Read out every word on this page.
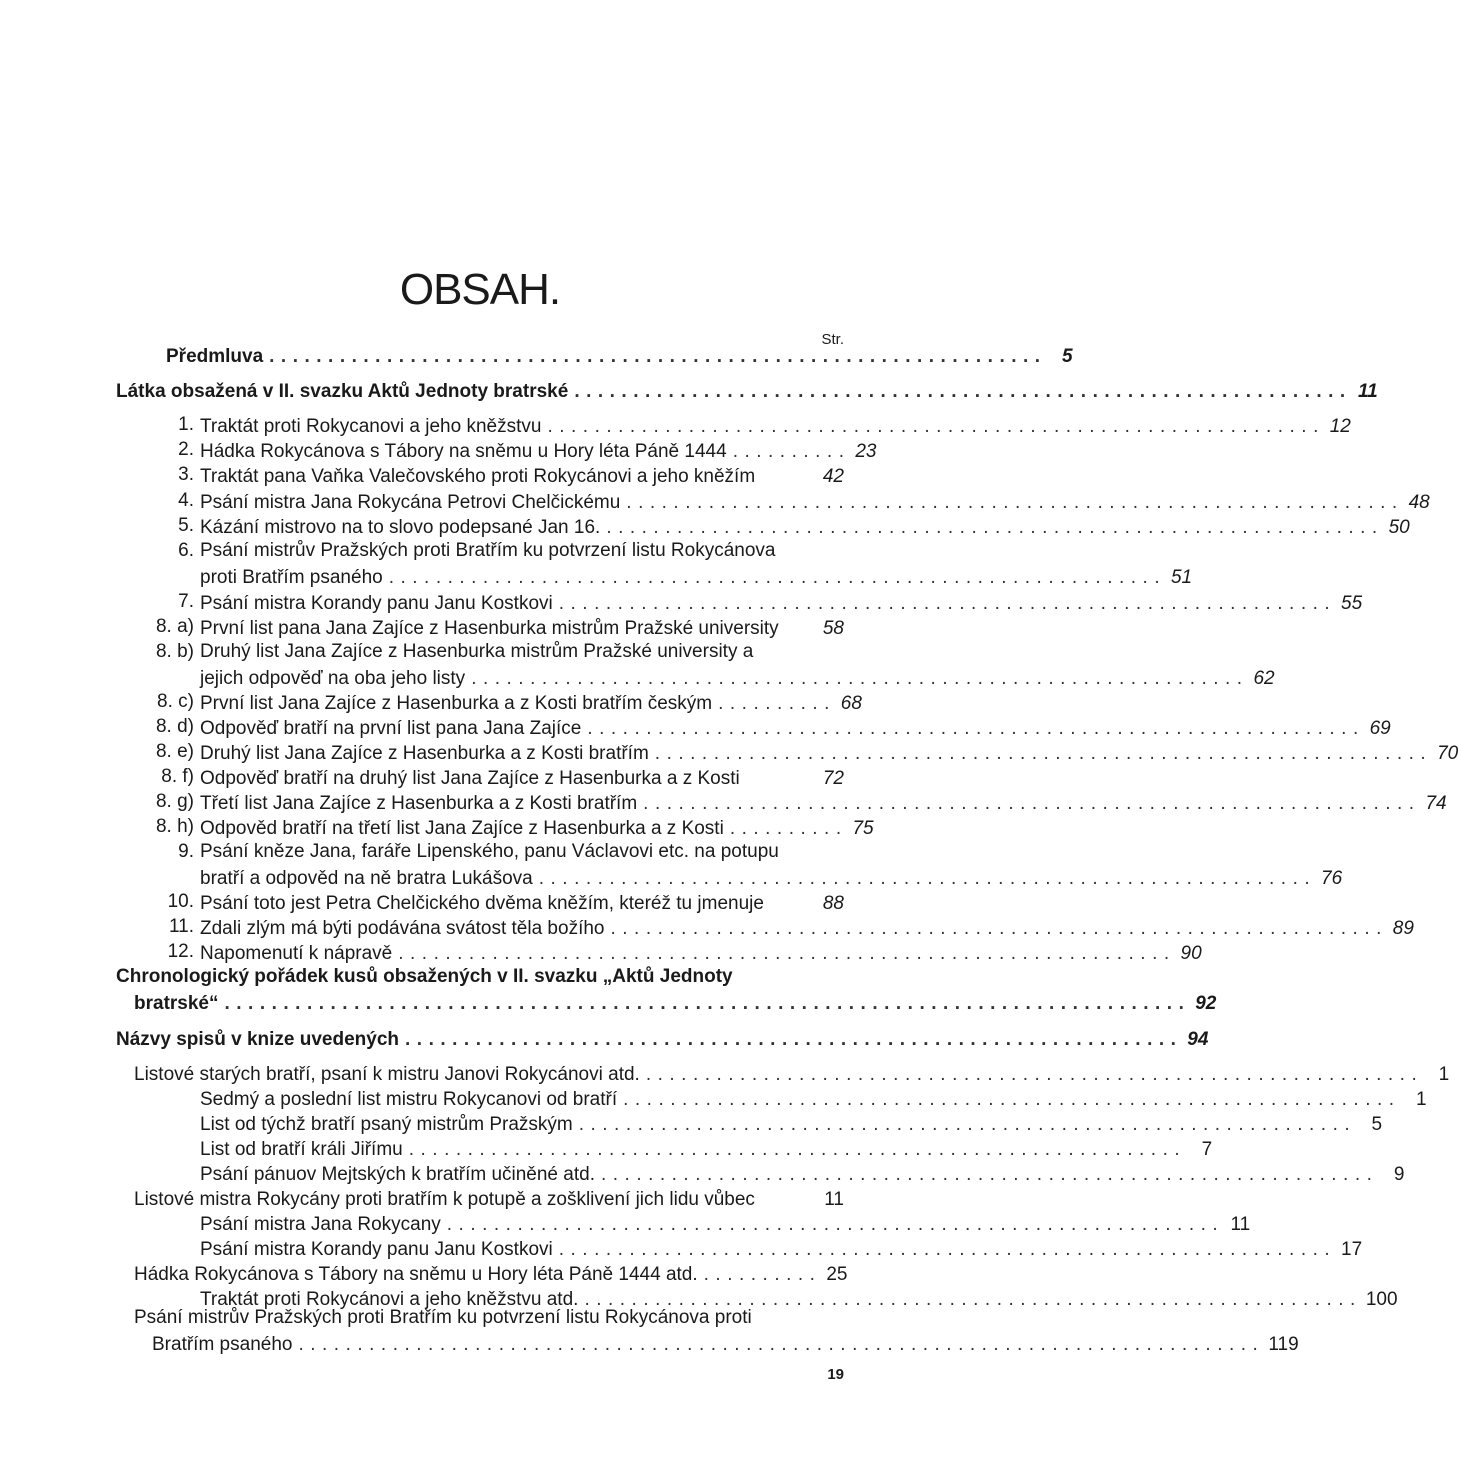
OBSAH.
Str.
Předmluva .................................................................. 5
Látka obsažená v II. svazku Aktů Jednoty bratrské .................................................................. 11
1. Traktát proti Rokycanovi a jeho kněžstvu .................................................................. 12
2. Hádka Rokycánova s Tábory na sněmu u Hory léta Páně 1444 .......... 23
3. Traktát pana Vaňka Valečovského proti Rokycánovi a jeho kněžím	42
4. Psání mistra Jana Rokycána Petrovi Chelčickému .................................................................. 48
5. Kázání mistrovo na to slovo podepsané Jan 16. .................................................................. 50
6. Psání mistrův Pražských proti Bratřím ku potvrzení listu Rokycánova
proti Bratřím psaného .................................................................. 51
7. Psání mistra Korandy panu Janu Kostkovi .................................................................. 55
8. a) První list pana Jana Zajíce z Hasenburka mistrům Pražské university 58
8. b) Druhý list Jana Zajíce z Hasenburka mistrům Pražské university a
jejich odpověď na oba jeho listy .................................................................. 62
8. c) První list Jana Zajíce z Hasenburka a z Kosti bratřím českým .......... 68
8. d) Odpověď bratří na první list pana Jana Zajíce .................................................................. 69
8. e) Druhý list Jana Zajíce z Hasenburka a z Kosti bratřím .................................................................. 70
8. f) Odpověď bratří na druhý list Jana Zajíce z Hasenburka a z Kosti	72
8. g) Třetí list Jana Zajíce z Hasenburka a z Kosti bratřím .................................................................. 74
8. h) Odpověd bratří na třetí list Jana Zajíce z Hasenburka a z Kosti .......... 75
9. Psání kněze Jana, faráře Lipenského, panu Václavovi etc. na potupu
bratří a odpověd na ně bratra Lukášova .................................................................. 76
10. Psání toto jest Petra Chelčického dvěma kněžím, kteréž tu jmenuje	88
11. Zdali zlým má býti podávána svátost těla božího .................................................................. 89
12. Napomenutí k nápravě .................................................................. 90
Chronologický pořádek kusů obsažených v II. svazku „Aktů Jednoty
bratrské“ .................................................................................. 92
Názvy spisů v knize uvedených .................................................................. 94
Listové starých bratří, psaní k mistru Janovi Rokycánovi atd. .................................................................. 1
Sedmý a poslední list mistru Rokycanovi od bratří .................................................................. 1
List od týchž bratří psaný mistrům Pražským .................................................................. 5
List od bratří králi Jiřímu .................................................................. 7
Psání pánuov Mejtských k bratřím učiněné atd. .................................................................. 9
Listové mistra Rokycány proti bratřím k potupě a zošklivení jich lidu vůbec	11
Psání mistra Jana Rokycany .................................................................. 11
Psání mistra Korandy panu Janu Kostkovi .................................................................. 17
Hádka Rokycánova s Tábory na sněmu u Hory léta Páně 1444 atd. .......... 25
Traktát proti Rokycánovi a jeho kněžstvu atd. .................................................................. 100
Psání mistrův Pražských proti Bratřím ku potvrzení listu Rokycánova proti
Bratřím psaného .................................................................................. 119
19
